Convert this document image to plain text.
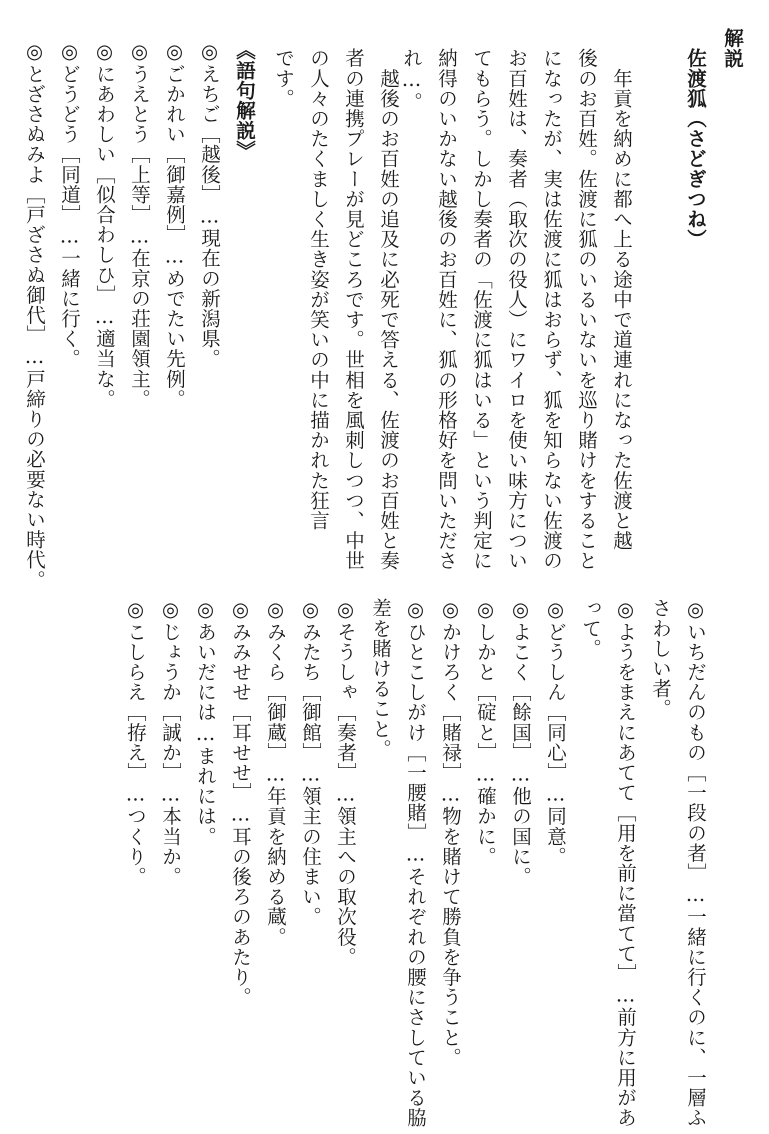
解説
佐渡狐（さどぎつね）
　年貢を納めに都へ上る途中で道連れになった佐渡と越
後のお百姓。佐渡に狐のいるいないを巡り賭けをすること
になったが、実は佐渡に狐はおらず、狐を知らない佐渡の
お百姓は、奏者（取次の役人）にワイロを使い味方につい
てもらう。しかし奏者の「佐渡に狐はいる」という判定に
納得のいかない越後のお百姓に、狐の形格好を問いたださ
れ…。
　越後のお百姓の追及に必死で答える、佐渡のお百姓と奏
者の連携プレーが見どころです。世相を風刺しつつ、中世
の人々のたくましく生き姿が笑いの中に描かれた狂言
です。
《語句解説》
◎えちご［越後］…現在の新潟県。
◎ごかれい［御嘉例］…めでたい先例。
◎うえとう［上等］…在京の荘園領主。
◎にあわしい［似合わしひ］…適当な。
◎どうどう［同道］…一緒に行く。
◎とざさぬみよ［戸ざさぬ御代］…戸締りの必要ない時代。
◎いちだんのもの［一段の者］…一緒に行くのに、一層ふ
さわしい者。
◎ようをまえにあてて［用を前に當てて］…前方に用があ
って。
◎どうしん［同心］…同意。
◎よこく［餘国］…他の国に。
◎しかと［碇と］…確かに。
◎かけろく［賭禄］…物を賭けて勝負を争うこと。
◎ひとこしがけ［一腰賭］…それぞれの腰にさしている脇
差を賭けること。
◎そうしゃ［奏者］…領主への取次役。
◎みたち［御館］…領主の住まい。
◎みくら［御蔵］…年貢を納める蔵。
◎みみせせ［耳せせ］…耳の後ろのあたり。
◎あいだには…まれには。
◎じょうか［誠か］…本当か。
◎こしらえ［拵え］…つくり。
